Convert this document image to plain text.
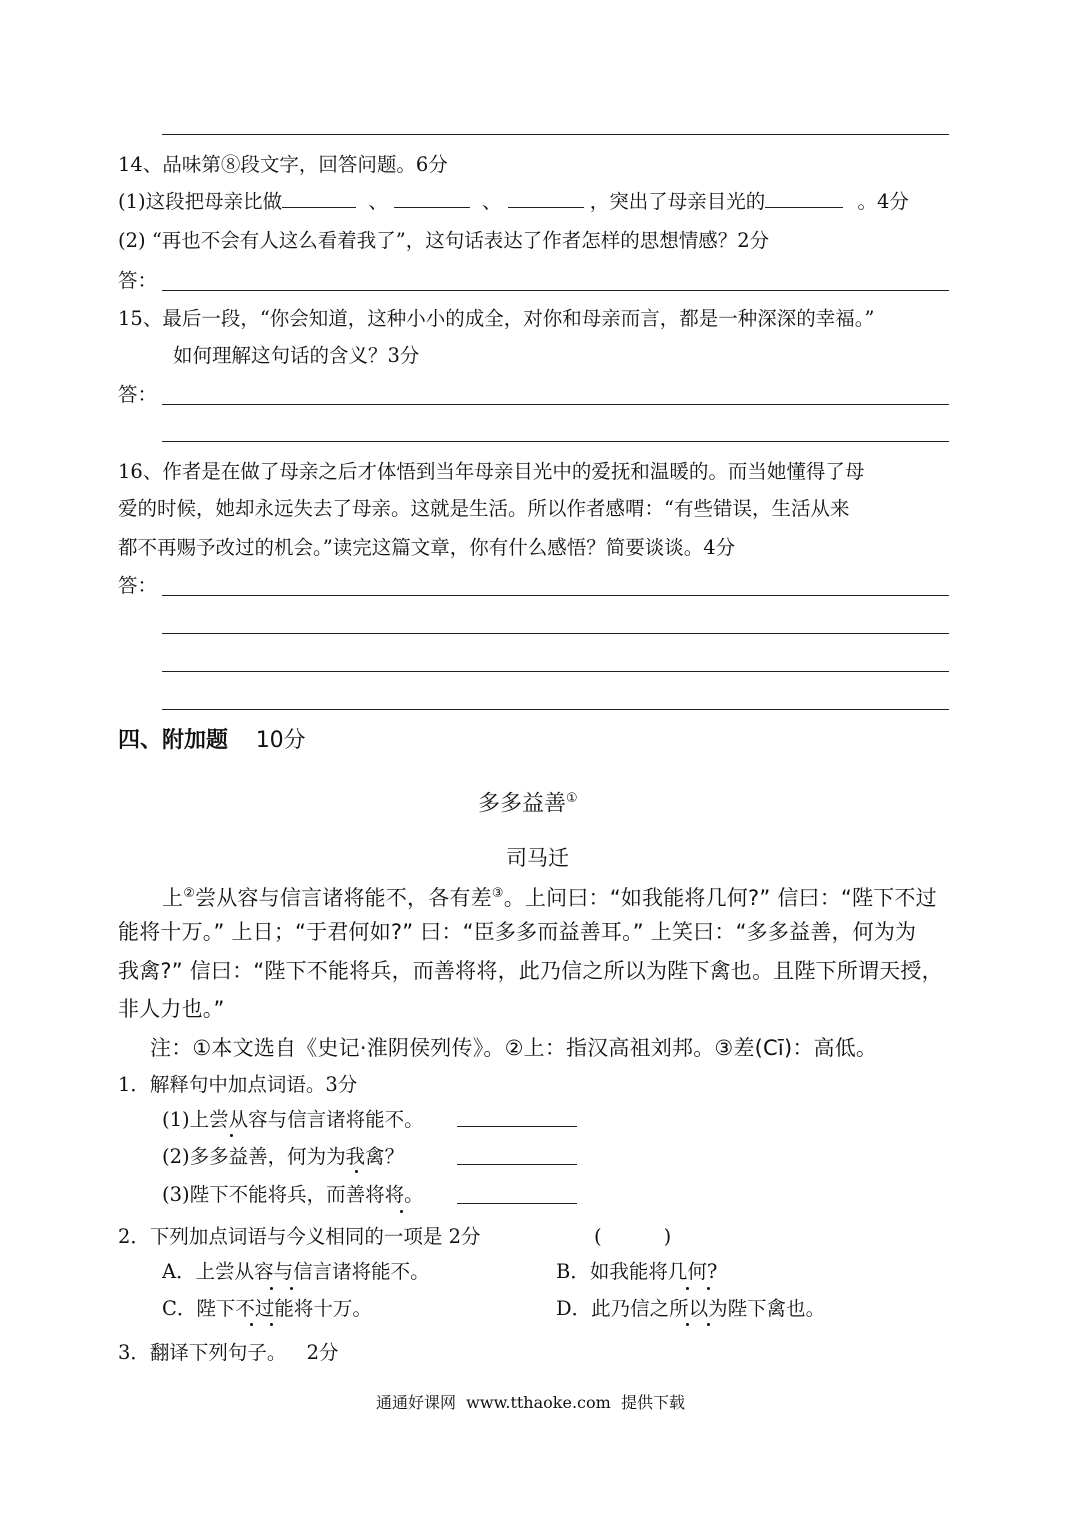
14、品味第⑧段文字，回答问题。6分
(1)这段把母亲比做	、	、	，突出了母亲目光的	。4分
(2) “再也不会有人这么看着我了”，这句话表达了作者怎样的思想情感？2分
答：
15、最后一段，“你会知道，这种小小的成全，对你和母亲而言，都是一种深深的幸福。”
如何理解这句话的含义？3分
答：
16、作者是在做了母亲之后才体悟到当年母亲目光中的爱抚和温暖的。而当她懂得了母
爱的时候，她却永远失去了母亲。这就是生活。所以作者感喟：“有些错误，生活从来
都不再赐予改过的机会。”读完这篇文章，你有什么感悟？简要谈谈。4分
答：
四、附加题 10分
多多益善①
司马迁
上②尝从容与信言诸将能不，各有差③。上问曰：“如我能将几何?” 信曰：“陛下不过
能将十万。” 上日；“于君何如?” 曰：“臣多多而益善耳。” 上笑曰：“多多益善，何为为
我禽?” 信曰：“陛下不能将兵，而善将将，此乃信之所以为陛下禽也。且陛下所谓天授，
非人力也。”
注：①本文选自《史记·淮阴侯列传》。②上：指汉高祖刘邦。③差(Cī)：高低。
1．解释句中加点词语。3分
(1)上尝从容与信言诸将能不。
(2)多多益善，何为为我禽？
(3)陛下不能将兵，而善将将。
2．下列加点词语与今义相同的一项是 2分	(          )
A．上尝从容与信言诸将能不。	B．如我能将几何?
C．陛下不过能将十万。	D．此乃信之所以为陛下禽也。
3．翻译下列句子。 2分
通通好课网  www.tthaoke.com  提供下载
